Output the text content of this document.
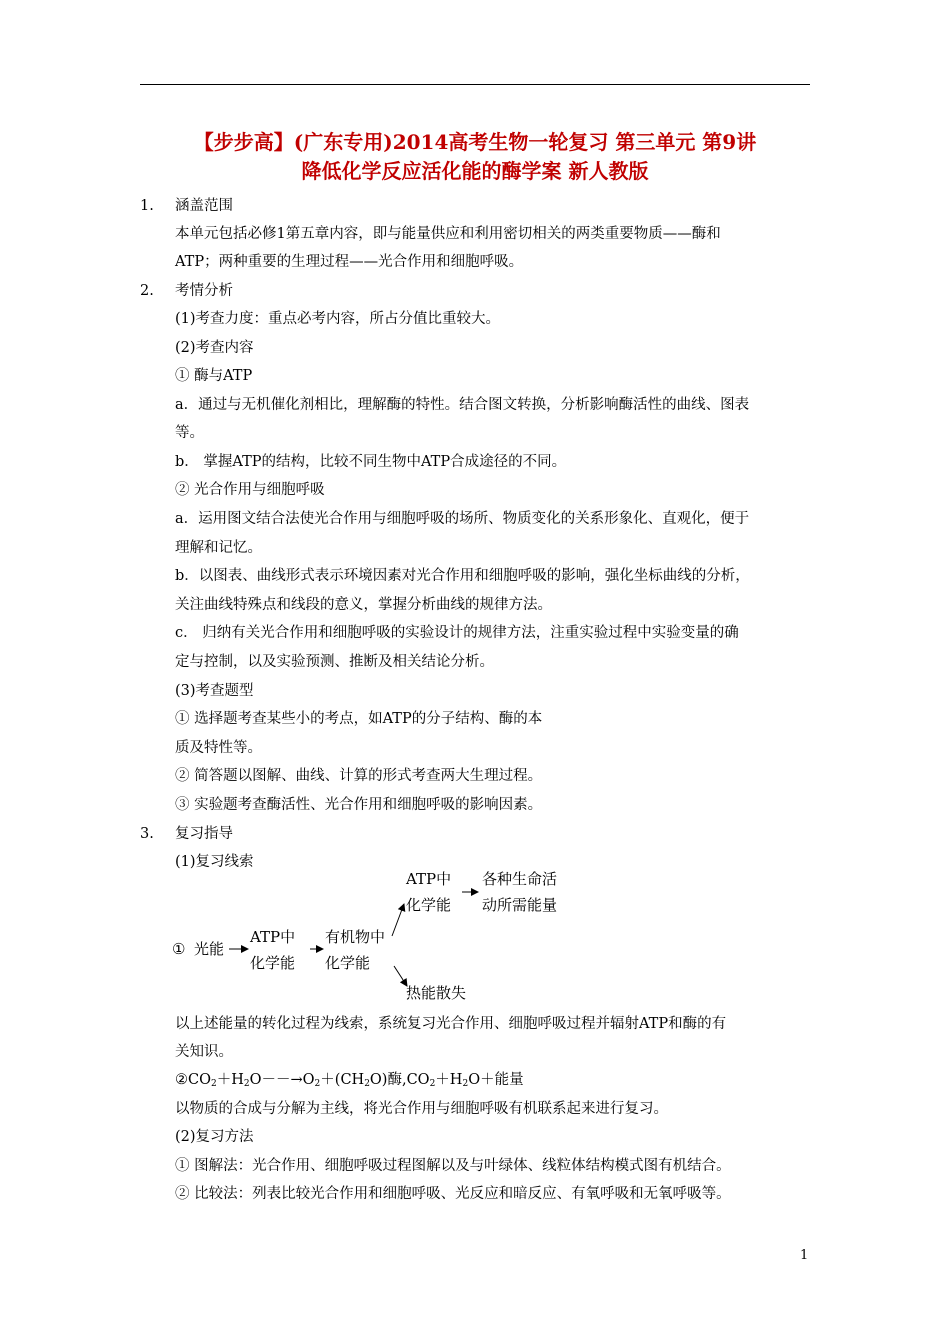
【步步高】(广东专用)2014高考生物一轮复习 第三单元 第9讲
降低化学反应活化能的酶学案 新人教版
1. 涵盖范围
本单元包括必修1第五章内容，即与能量供应和利用密切相关的两类重要物质——酶和
ATP；两种重要的生理过程——光合作用和细胞呼吸。
2. 考情分析
(1)考查力度：重点必考内容，所占分值比重较大。
(2)考查内容
① 酶与ATP
a．通过与无机催化剂相比，理解酶的特性。结合图文转换，分析影响酶活性的曲线、图表
等。
b． 掌握ATP的结构，比较不同生物中ATP合成途径的不同。
② 光合作用与细胞呼吸
a．运用图文结合法使光合作用与细胞呼吸的场所、物质变化的关系形象化、直观化，便于
理解和记忆。
b．以图表、曲线形式表示环境因素对光合作用和细胞呼吸的影响，强化坐标曲线的分析，
关注曲线特殊点和线段的意义，掌握分析曲线的规律方法。
c． 归纳有关光合作用和细胞呼吸的实验设计的规律方法，注重实验过程中实验变量的确
定与控制，以及实验预测、推断及相关结论分析。
(3)考查题型
① 选择题考查某些小的考点，如ATP的分子结构、酶的本
质及特性等。
② 简答题以图解、曲线、计算的形式考查两大生理过程。
③ 实验题考查酶活性、光合作用和细胞呼吸的影响因素。
3. 复习指导
(1)复习线索
① 光能
ATP中
化学能
有机物中
化学能
ATP中
化学能
各种生命活
动所需能量
热能散失
以上述能量的转化过程为线索，系统复习光合作用、细胞呼吸过程并辐射ATP和酶的有
关知识。
$②CO_2+H_2O--\to O_2+(CH_2O)$酶$,CO_2+H_2O+$能量
以物质的合成与分解为主线，将光合作用与细胞呼吸有机联系起来进行复习。
(2)复习方法
① 图解法：光合作用、细胞呼吸过程图解以及与叶绿体、线粒体结构模式图有机结合。
② 比较法：列表比较光合作用和细胞呼吸、光反应和暗反应、有氧呼吸和无氧呼吸等。
1
